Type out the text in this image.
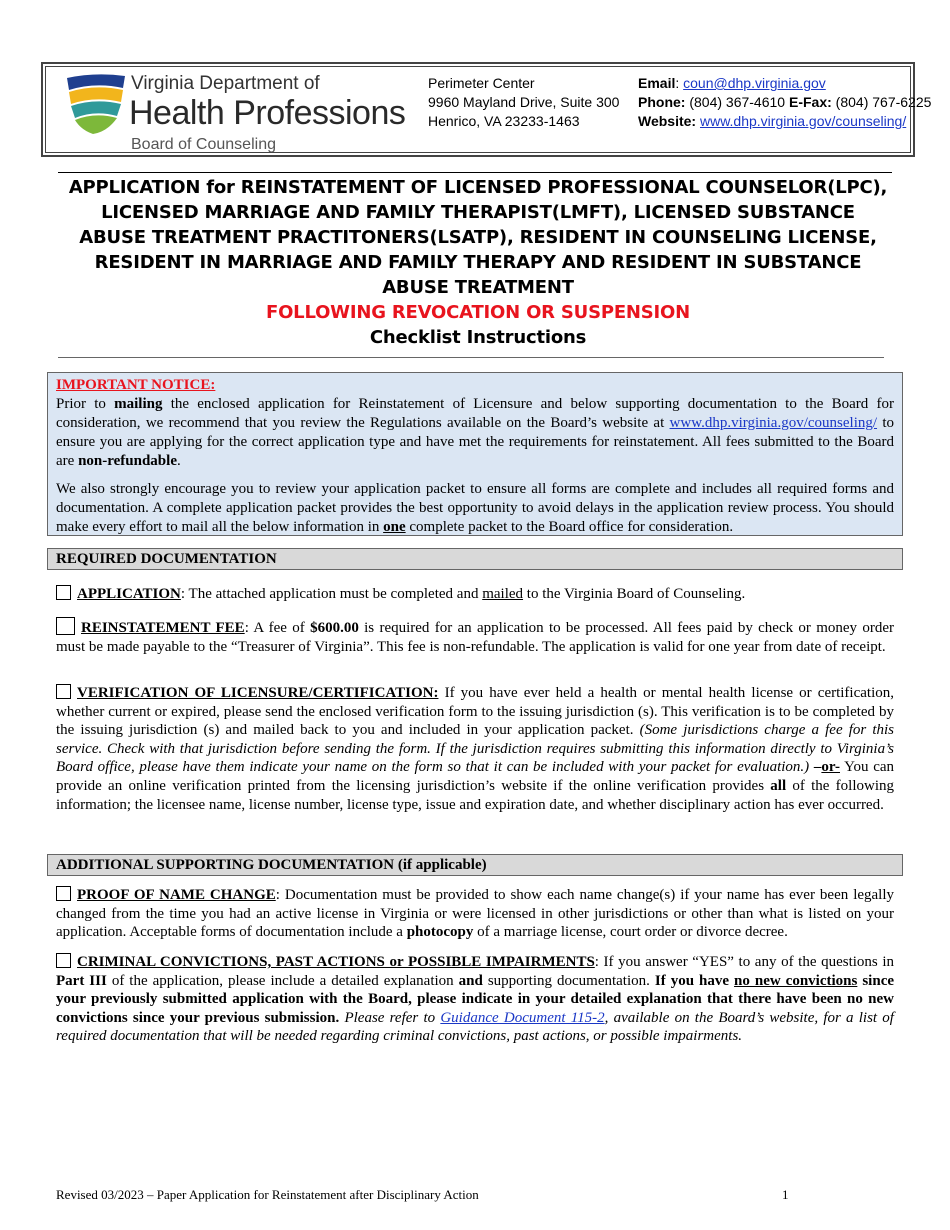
Virginia Department of
Health Professions
Board of Counseling
Perimeter Center
9960 Mayland Drive, Suite 300
Henrico, VA 23233-1463
Email: coun@dhp.virginia.gov
Phone: (804) 367-4610 E-Fax: (804) 767-6225
Website: www.dhp.virginia.gov/counseling/
APPLICATION for REINSTATEMENT OF LICENSED PROFESSIONAL COUNSELOR(LPC),
LICENSED MARRIAGE AND FAMILY THERAPIST(LMFT), LICENSED SUBSTANCE
ABUSE TREATMENT PRACTITONERS(LSATP), RESIDENT IN COUNSELING LICENSE,
RESIDENT IN MARRIAGE AND FAMILY THERAPY AND RESIDENT IN SUBSTANCE
ABUSE TREATMENT
FOLLOWING REVOCATION OR SUSPENSION
Checklist Instructions
IMPORTANT NOTICE:

Prior to mailing the enclosed application for Reinstatement of Licensure and below supporting documentation to the Board for consideration, we recommend that you review the Regulations available on the Board’s website at www.dhp.virginia.gov/counseling/ to ensure you are applying for the correct application type and have met the requirements for reinstatement. All fees submitted to the Board are non-refundable.

We also strongly encourage you to review your application packet to ensure all forms are complete and includes all required forms and documentation. A complete application packet provides the best opportunity to avoid delays in the application review process. You should make every effort to mail all the below information in one complete packet to the Board office for consideration.

REQUIRED DOCUMENTATION
APPLICATION: The attached application must be completed and mailed to the Virginia Board of Counseling.
REINSTATEMENT FEE: A fee of $600.00 is required for an application to be processed. All fees paid by check or money order must be made payable to the “Treasurer of Virginia”. This fee is non-refundable. The application is valid for one year from date of receipt.
VERIFICATION OF LICENSURE/CERTIFICATION: If you have ever held a health or mental health license or certification, whether current or expired, please send the enclosed verification form to the issuing jurisdiction (s). This verification is to be completed by the issuing jurisdiction (s) and mailed back to you and included in your application packet. (Some jurisdictions charge a fee for this service. Check with that jurisdiction before sending the form. If the jurisdiction requires submitting this information directly to Virginia’s Board office, please have them indicate your name on the form so that it can be included with your packet for evaluation.) –or- You can provide an online verification printed from the licensing jurisdiction’s website if the online verification provides all of the following information; the licensee name, license number, license type, issue and expiration date, and whether disciplinary action has ever occurred.
ADDITIONAL SUPPORTING DOCUMENTATION (if applicable)
PROOF OF NAME CHANGE: Documentation must be provided to show each name change(s) if your name has ever been legally changed from the time you had an active license in Virginia or were licensed in other jurisdictions or other than what is listed on your application. Acceptable forms of documentation include a photocopy of a marriage license, court order or divorce decree.
CRIMINAL CONVICTIONS, PAST ACTIONS or POSSIBLE IMPAIRMENTS: If you answer “YES” to any of the questions in Part III of the application, please include a detailed explanation and supporting documentation. If you have no new convictions since your previously submitted application with the Board, please indicate in your detailed explanation that there have been no new convictions since your previous submission. Please refer to Guidance Document 115-2, available on the Board’s website, for a list of required documentation that will be needed regarding criminal convictions, past actions, or possible impairments.
Revised 03/2023 – Paper Application for Reinstatement after Disciplinary Action	1
